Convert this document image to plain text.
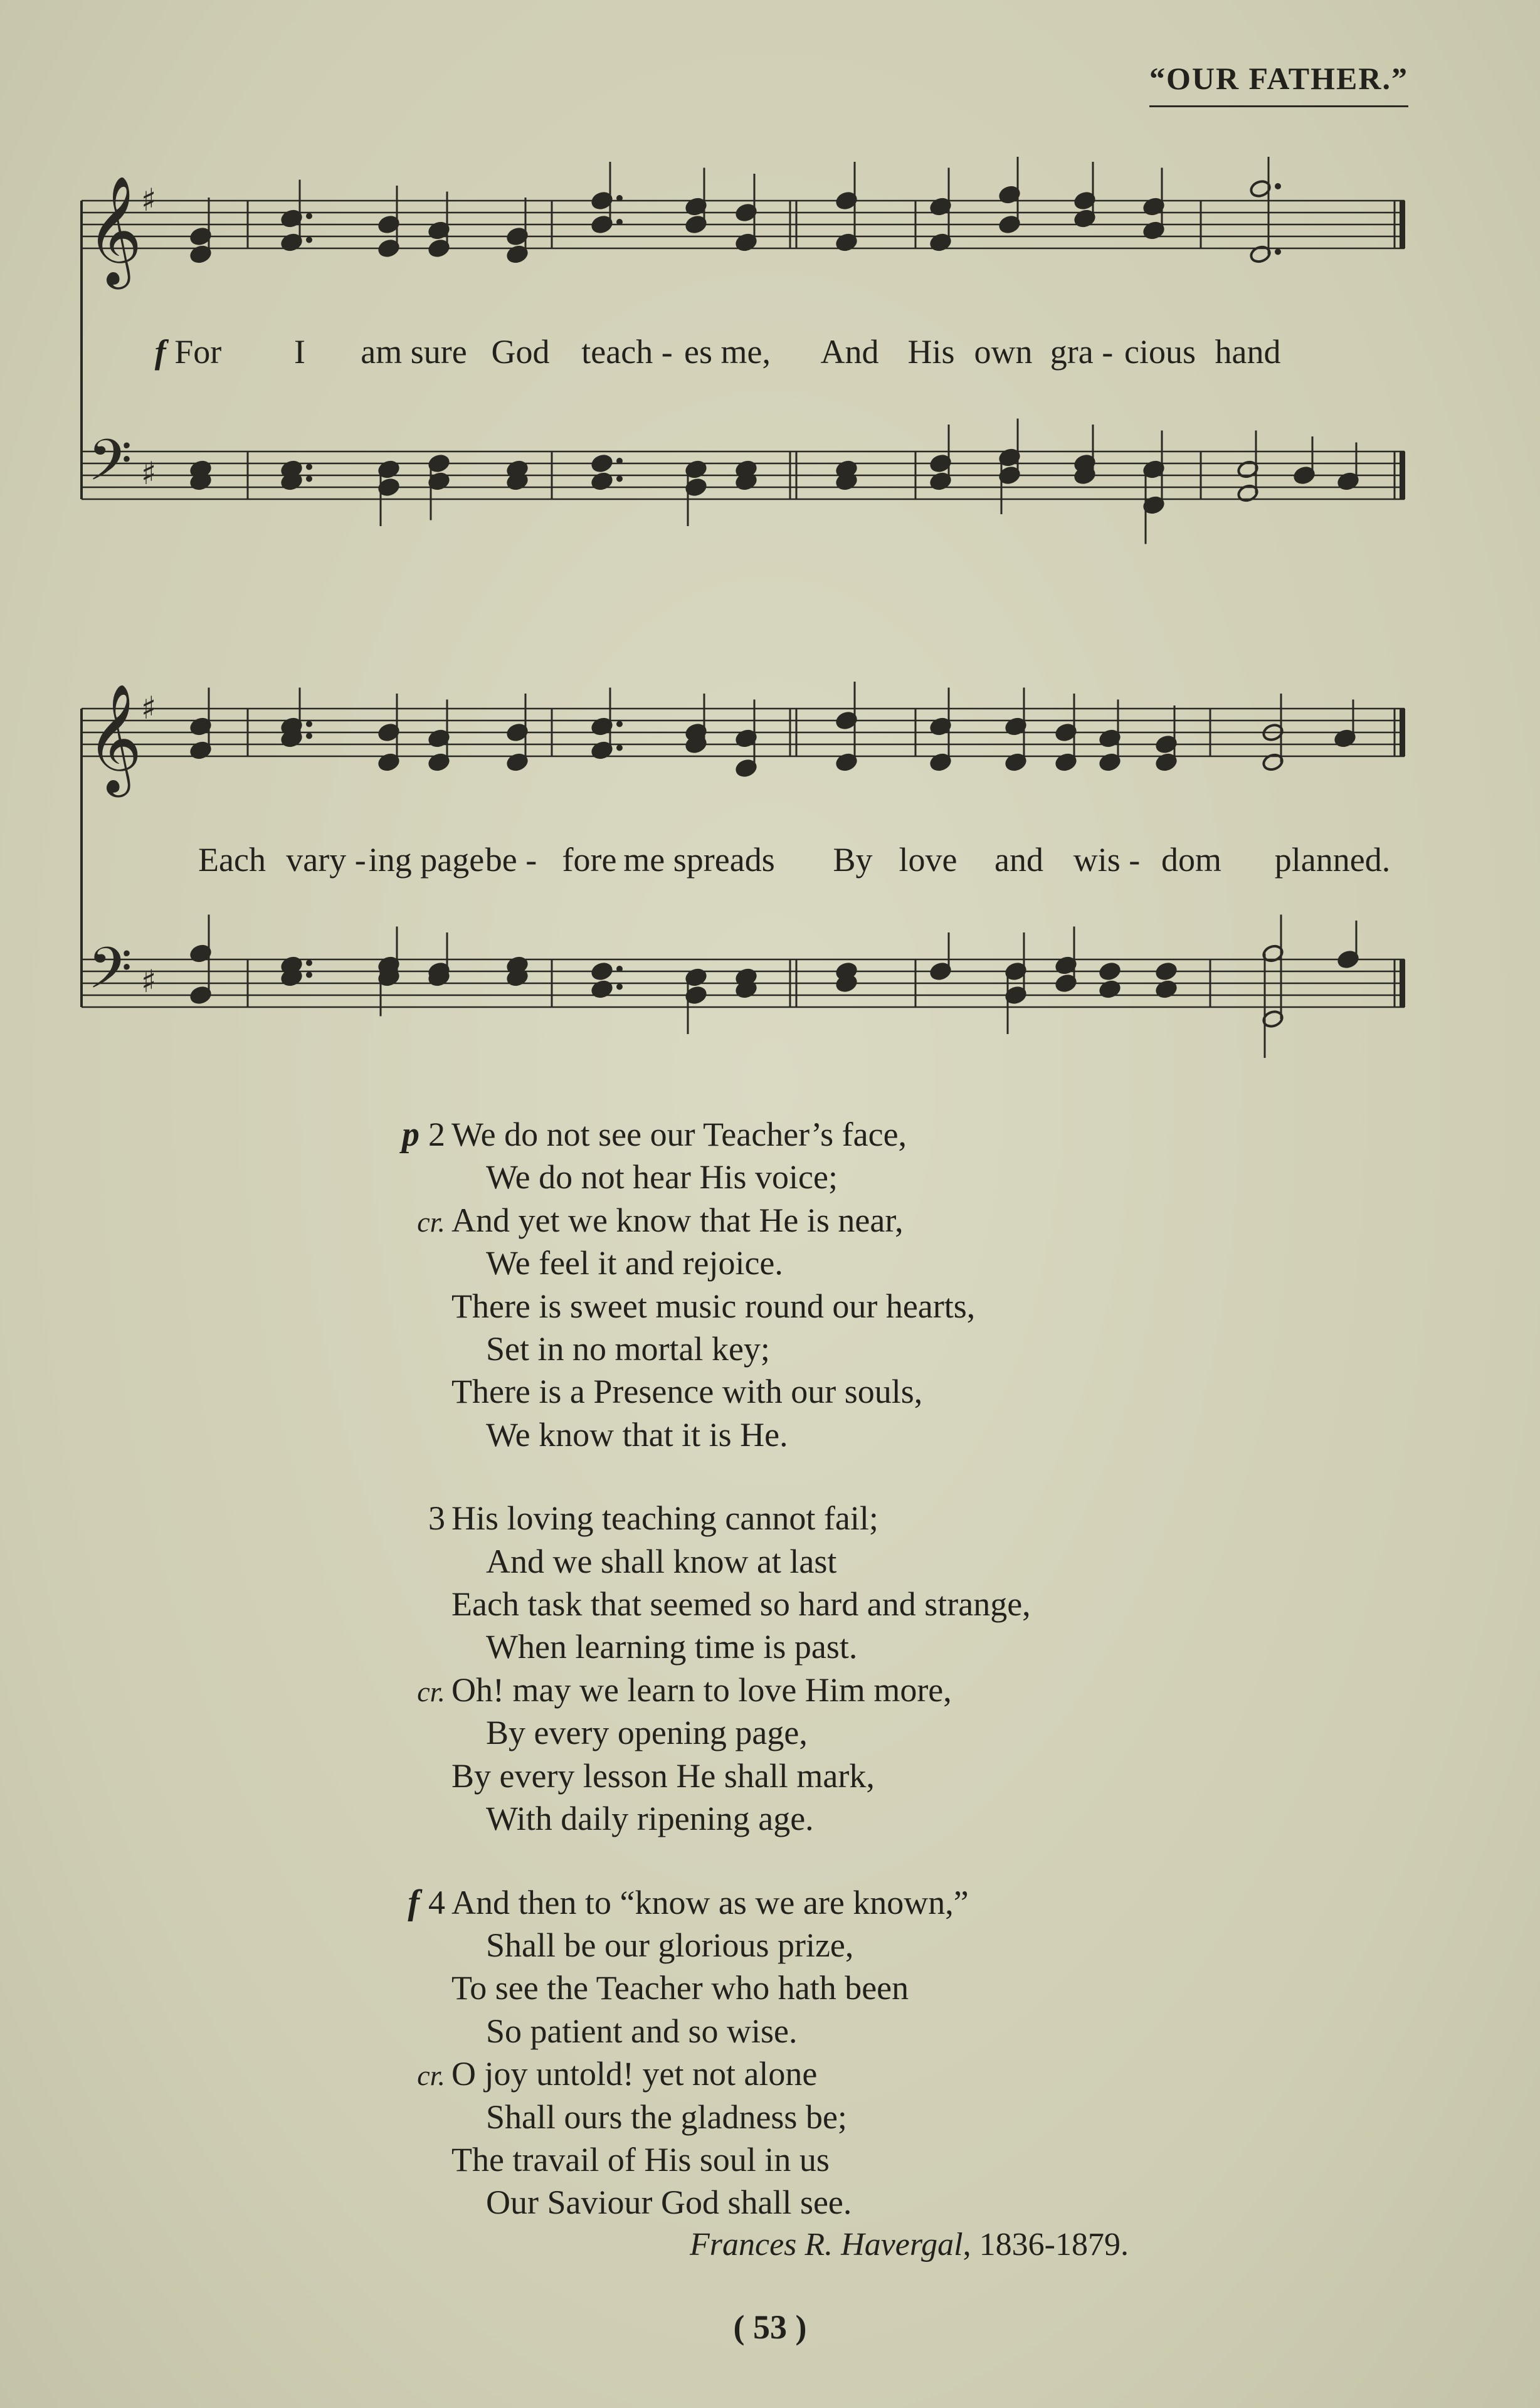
“OUR FATHER.”
𝄞
𝄢
♯
♯
f For I am sure God teach - es me, And His own gra - cious hand
𝄞
𝄢
♯
♯
Each vary - ing page be - fore me spreads By love and wis - dom planned.
p 2 We do not see our Teacher’s face,
We do not hear His voice;
cr. And yet we know that He is near,
We feel it and rejoice.
There is sweet music round our hearts,
Set in no mortal key;
There is a Presence with our souls,
We know that it is He.
3 His loving teaching cannot fail;
And we shall know at last
Each task that seemed so hard and strange,
When learning time is past.
cr. Oh! may we learn to love Him more,
By every opening page,
By every lesson He shall mark,
With daily ripening age.
f 4 And then to “know as we are known,”
Shall be our glorious prize,
To see the Teacher who hath been
So patient and so wise.
cr. O joy untold! yet not alone
Shall ours the gladness be;
The travail of His soul in us
Our Saviour God shall see.
Frances R. Havergal, 1836-1879.
( 53 )
